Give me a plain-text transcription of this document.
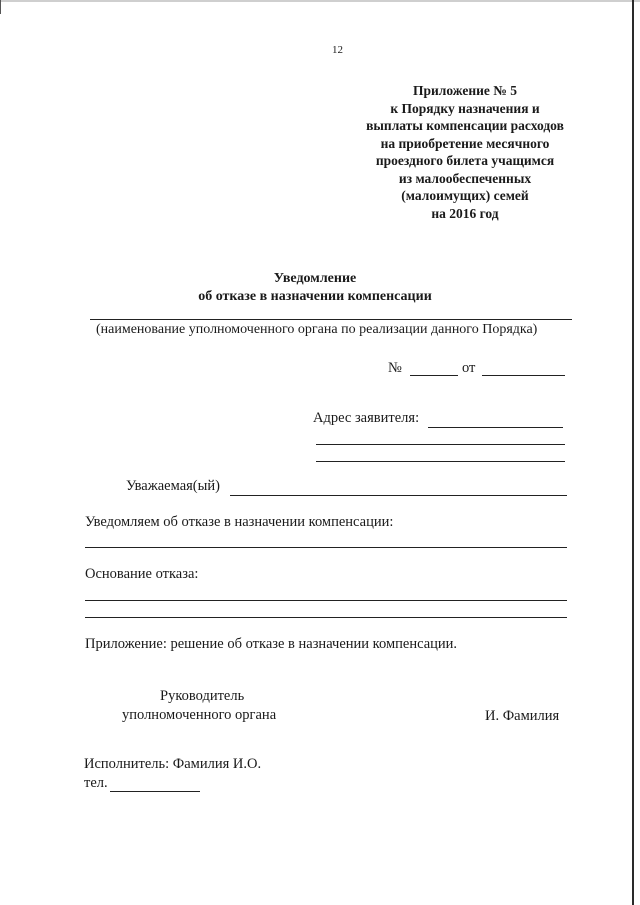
12
Приложение № 5
к Порядку назначения и
выплаты компенсации расходов
на приобретение месячного
проездного билета учащимся
из малообеспеченных
(малоимущих) семей
на 2016 год
Уведомление
об отказе в назначении компенсации
(наименование уполномоченного органа по реализации данного Порядка)
№	от
Адрес заявителя:
Уважаемая(ый)
Уведомляем об отказе в назначении компенсации:
Основание отказа:
Приложение: решение об отказе в назначении компенсации.
Руководитель
уполномоченного органа	И. Фамилия
Исполнитель: Фамилия И.О.
тел.
